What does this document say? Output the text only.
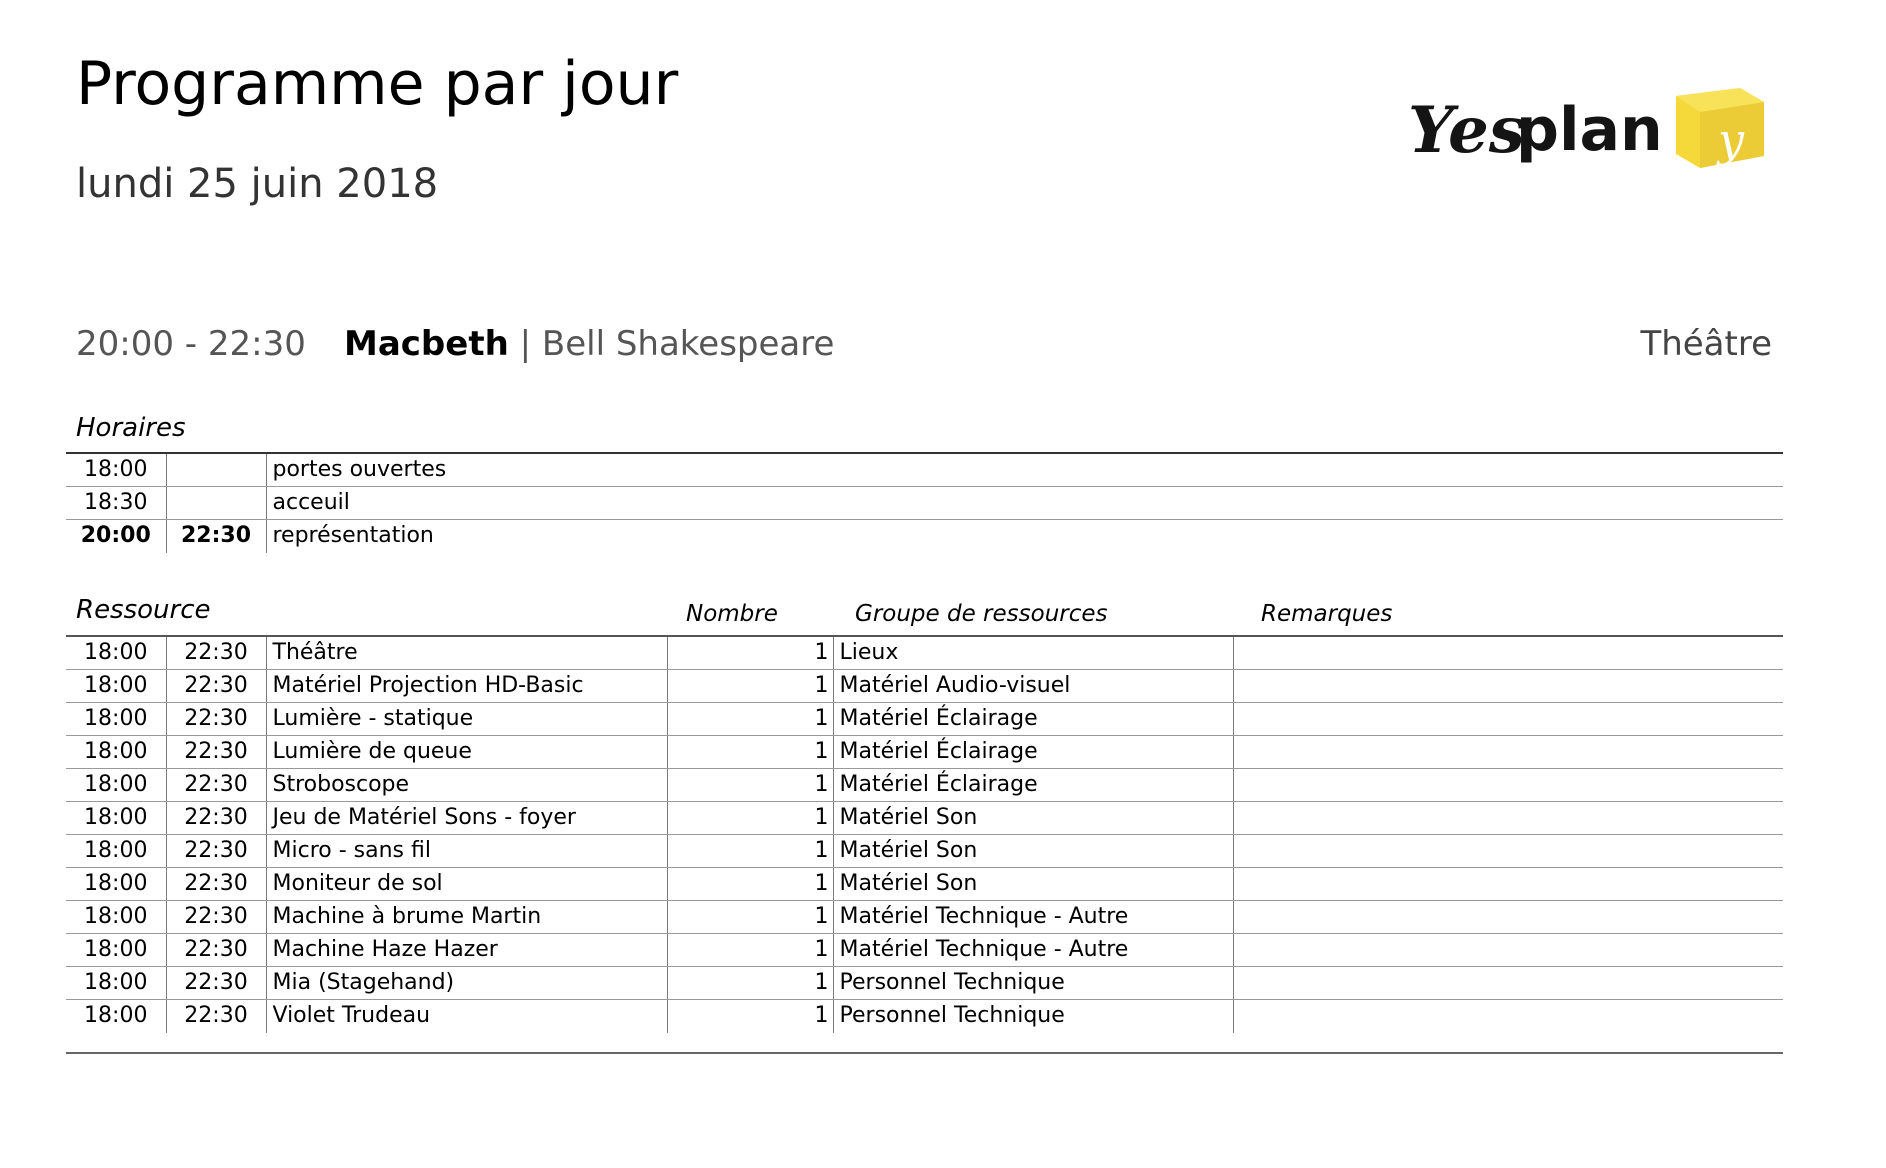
Programme par jour
lundi 25 juin 2018
Yes
plan y
20:00 - 22:30 Macbeth | Bell Shakespeare	Théâtre
Horaires
18:00		portes ouvertes
18:30		acceuil
20:00	22:30	représentation
Ressource	Nombre	Groupe de ressources	Remarques
18:00	22:30	Théâtre	1	Lieux	
18:00	22:30	Matériel Projection HD-Basic	1	Matériel Audio-visuel	
18:00	22:30	Lumière - statique	1	Matériel Éclairage	
18:00	22:30	Lumière de queue	1	Matériel Éclairage	
18:00	22:30	Stroboscope	1	Matériel Éclairage	
18:00	22:30	Jeu de Matériel Sons - foyer	1	Matériel Son	
18:00	22:30	Micro - sans fil	1	Matériel Son	
18:00	22:30	Moniteur de sol	1	Matériel Son	
18:00	22:30	Machine à brume Martin	1	Matériel Technique - Autre	
18:00	22:30	Machine Haze Hazer	1	Matériel Technique - Autre	
18:00	22:30	Mia (Stagehand)	1	Personnel Technique	
18:00	22:30	Violet Trudeau	1	Personnel Technique	
